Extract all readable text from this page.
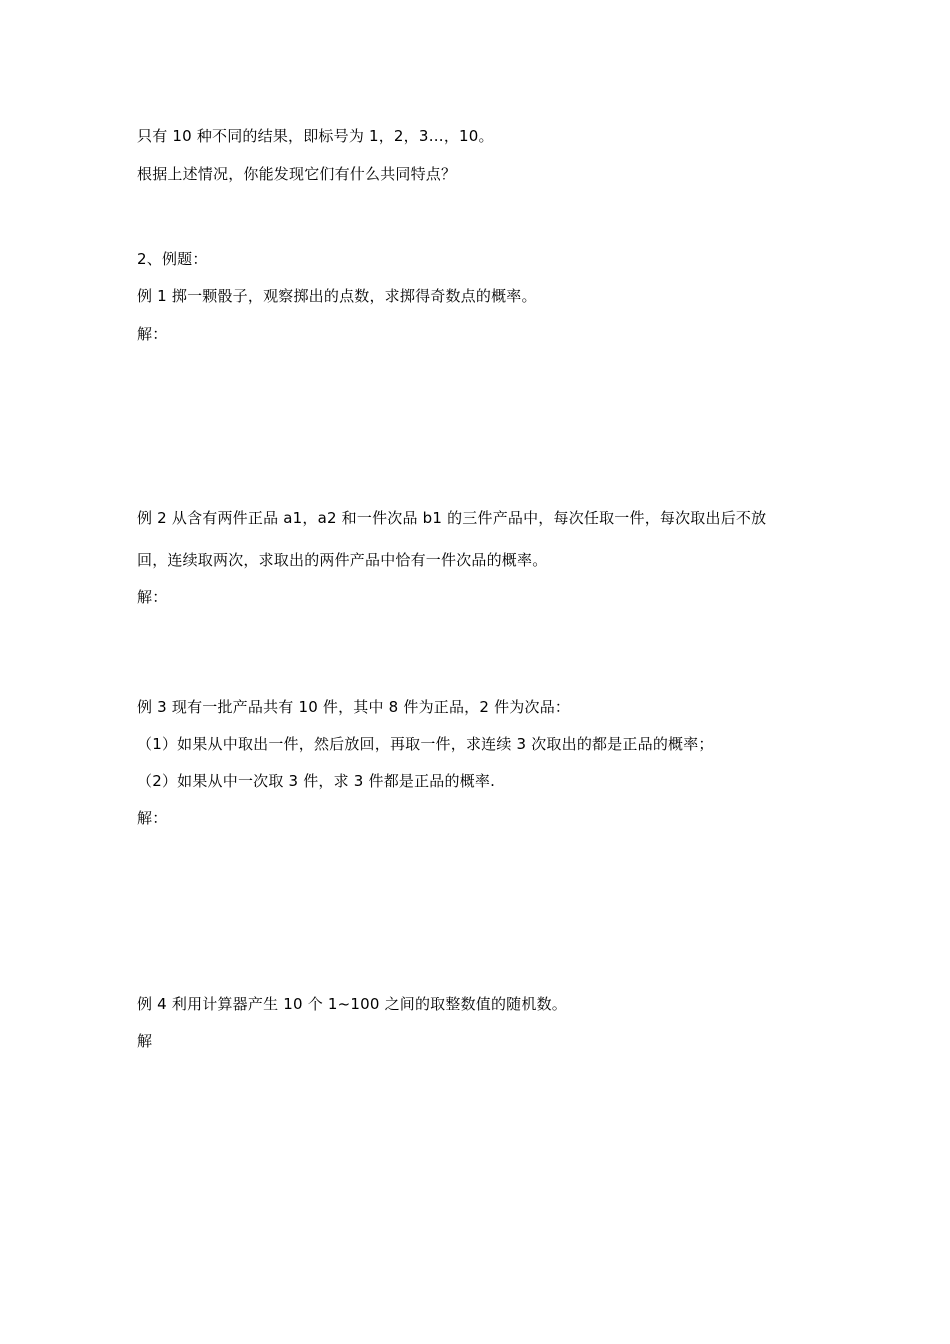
只有 10 种不同的结果，即标号为 1，2，3…，10。
根据上述情况，你能发现它们有什么共同特点？
2、例题：
例 1 掷一颗骰子，观察掷出的点数，求掷得奇数点的概率。
解：
例 2 从含有两件正品 a1，a2 和一件次品 b1 的三件产品中，每次任取一件，每次取出后不放
回，连续取两次，求取出的两件产品中恰有一件次品的概率。
解：
例 3 现有一批产品共有 10 件，其中 8 件为正品，2 件为次品：
（1）如果从中取出一件，然后放回，再取一件，求连续 3 次取出的都是正品的概率；
（2）如果从中一次取 3 件，求 3 件都是正品的概率.
解：
例 4 利用计算器产生 10 个 1~100 之间的取整数值的随机数。
解
